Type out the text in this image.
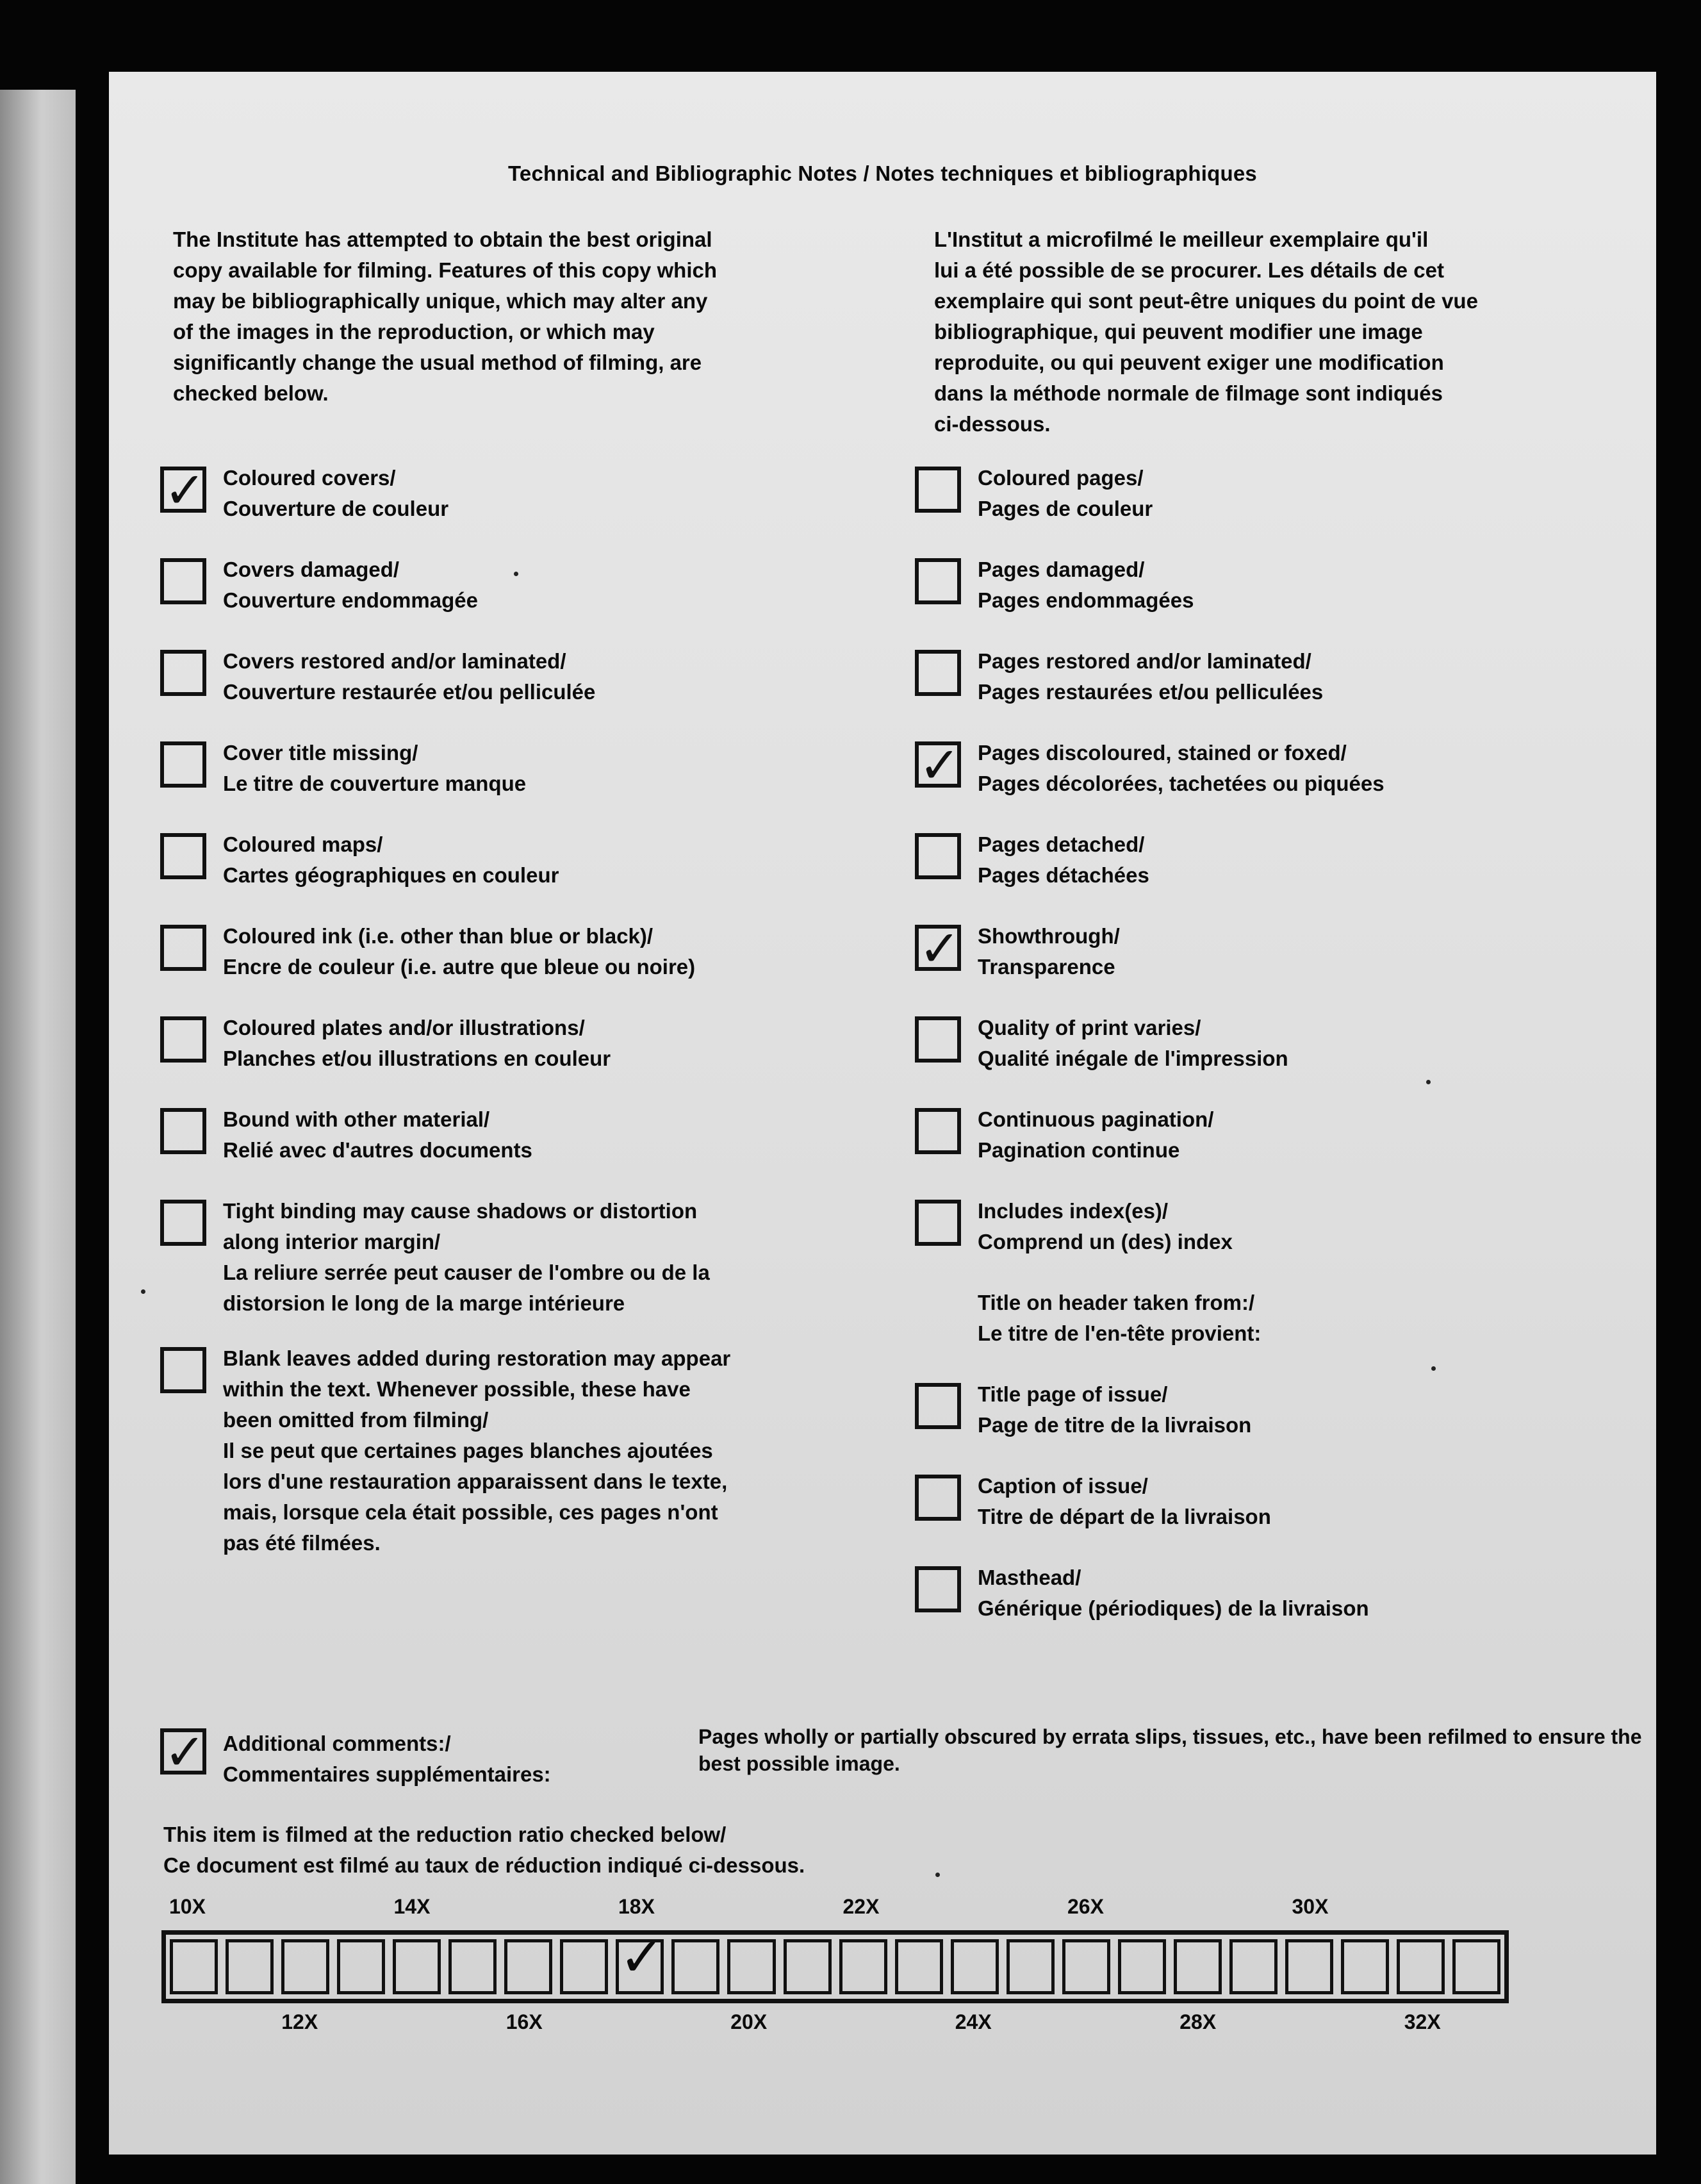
Technical and Bibliographic Notes / Notes techniques et bibliographiques

The Institute has attempted to obtain the best original
copy available for filming. Features of this copy which
may be bibliographically unique, which may alter any
of the images in the reproduction, or which may
significantly change the usual method of filming, are
checked below.

L'Institut a microfilmé le meilleur exemplaire qu'il
lui a été possible de se procurer. Les détails de cet
exemplaire qui sont peut-être uniques du point de vue
bibliographique, qui peuvent modifier une image
reproduite, ou qui peuvent exiger une modification
dans la méthode normale de filmage sont indiqués
ci-dessous.

✓ Coloured covers/
Couverture de couleur
Covers damaged/
Couverture endommagée
Covers restored and/or laminated/
Couverture restaurée et/ou pelliculée
Cover title missing/
Le titre de couverture manque
Coloured maps/
Cartes géographiques en couleur
Coloured ink (i.e. other than blue or black)/
Encre de couleur (i.e. autre que bleue ou noire)
Coloured plates and/or illustrations/
Planches et/ou illustrations en couleur
Bound with other material/
Relié avec d'autres documents
Tight binding may cause shadows or distortion
along interior margin/
La reliure serrée peut causer de l'ombre ou de la
distorsion le long de la marge intérieure
Blank leaves added during restoration may appear
within the text. Whenever possible, these have
been omitted from filming/
Il se peut que certaines pages blanches ajoutées
lors d'une restauration apparaissent dans le texte,
mais, lorsque cela était possible, ces pages n'ont
pas été filmées.
Coloured pages/
Pages de couleur
Pages damaged/
Pages endommagées
Pages restored and/or laminated/
Pages restaurées et/ou pelliculées
✓ Pages discoloured, stained or foxed/
Pages décolorées, tachetées ou piquées
Pages detached/
Pages détachées
✓ Showthrough/
Transparence
Quality of print varies/
Qualité inégale de l'impression
Continuous pagination/
Pagination continue
Includes index(es)/
Comprend un (des) index
Title on header taken from:/
Le titre de l'en-tête provient:
Title page of issue/
Page de titre de la livraison
Caption of issue/
Titre de départ de la livraison
Masthead/
Générique (périodiques) de la livraison
✓ Additional comments:/
Commentaires supplémentaires:

Pages wholly or partially obscured by errata slips, tissues, etc., have been refilmed to ensure the best possible image.

This item is filmed at the reduction ratio checked below/
Ce document est filmé au taux de réduction indiqué ci-dessous.
✓
10X	14X	18X	22X	26X	30X
12X	16X	20X	24X	28X	32X
